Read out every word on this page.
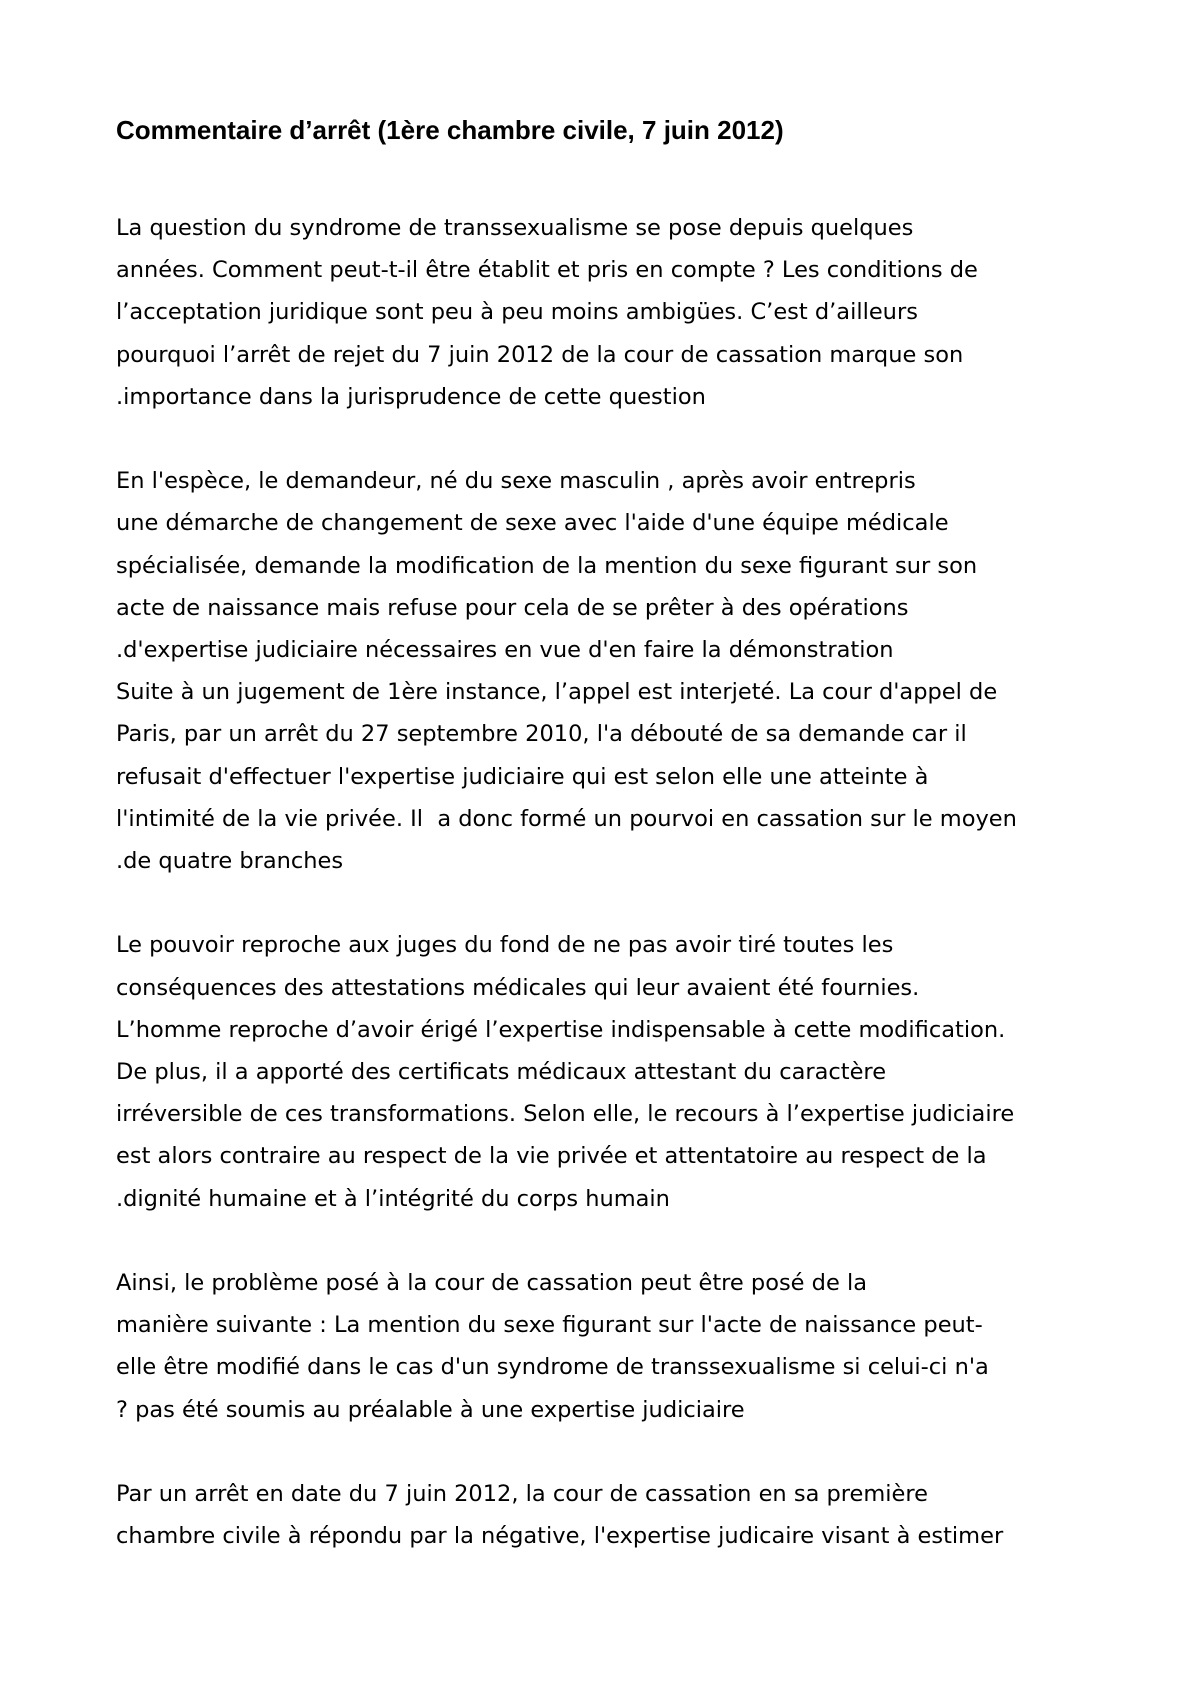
Commentaire d’arrêt (1ère chambre civile, 7 juin 2012)

La question du syndrome de transsexualisme se pose depuis quelques
années. Comment peut-t-il être établit et pris en compte ? Les conditions de
l’acceptation juridique sont peu à peu moins ambigües. C’est d’ailleurs
pourquoi l’arrêt de rejet du 7 juin 2012 de la cour de cassation marque son
.importance dans la jurisprudence de cette question

En l'espèce, le demandeur, né du sexe masculin , après avoir entrepris
une démarche de changement de sexe avec l'aide d'une équipe médicale
spécialisée, demande la modification de la mention du sexe figurant sur son
acte de naissance mais refuse pour cela de se prêter à des opérations
.d'expertise judiciaire nécessaires en vue d'en faire la démonstration
Suite à un jugement de 1ère instance, l’appel est interjeté. La cour d'appel de
Paris, par un arrêt du 27 septembre 2010, l'a débouté de sa demande car il
refusait d'effectuer l'expertise judiciaire qui est selon elle une atteinte à
l'intimité de la vie privée. Il  a donc formé un pourvoi en cassation sur le moyen
.de quatre branches

Le pouvoir reproche aux juges du fond de ne pas avoir tiré toutes les
conséquences des attestations médicales qui leur avaient été fournies.
L’homme reproche d’avoir érigé l’expertise indispensable à cette modification.
De plus, il a apporté des certificats médicaux attestant du caractère
irréversible de ces transformations. Selon elle, le recours à l’expertise judiciaire
est alors contraire au respect de la vie privée et attentatoire au respect de la
.dignité humaine et à l’intégrité du corps humain

Ainsi, le problème posé à la cour de cassation peut être posé de la
manière suivante : La mention du sexe figurant sur l'acte de naissance peut-
elle être modifié dans le cas d'un syndrome de transsexualisme si celui-ci n'a
? pas été soumis au préalable à une expertise judiciaire

Par un arrêt en date du 7 juin 2012, la cour de cassation en sa première
chambre civile à répondu par la négative, l'expertise judicaire visant à estimer
